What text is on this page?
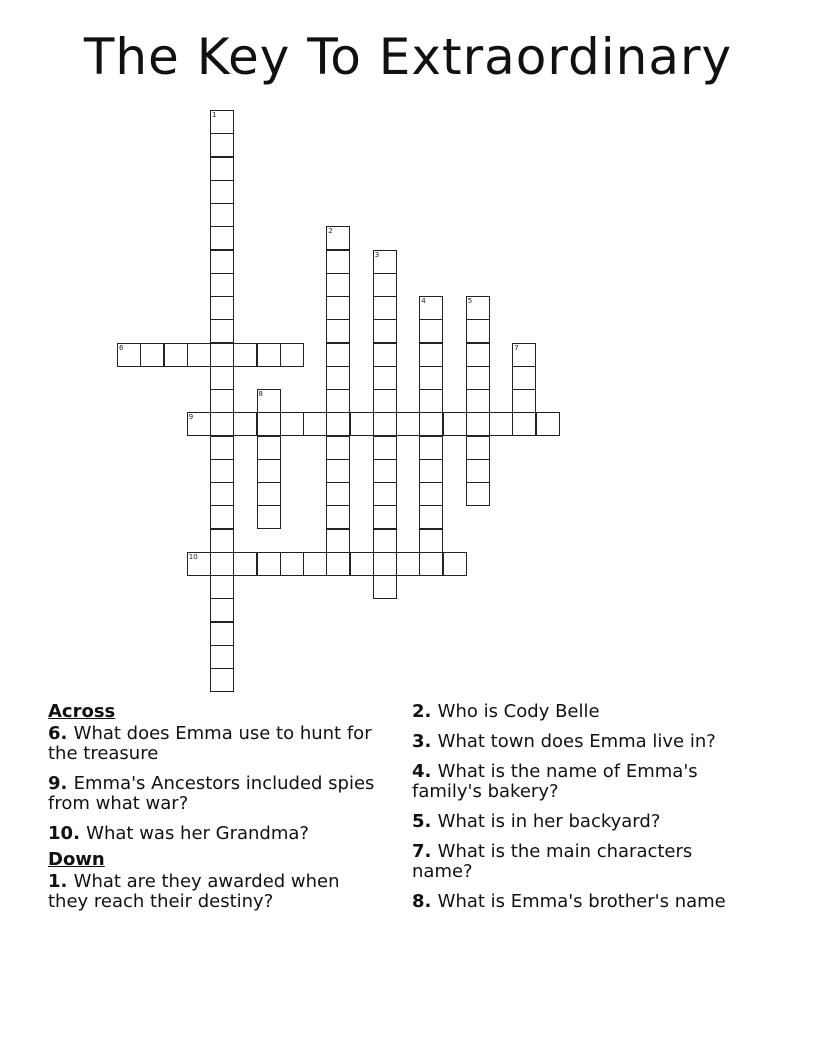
The Key To Extraordinary
1
2
3
4	5
6	7
8
9
10
Across
6. What does Emma use to hunt for the treasure
9. Emma's Ancestors included spies from what war?
10. What was her Grandma?
Down
1. What are they awarded when they reach their destiny?
2. Who is Cody Belle
3. What town does Emma live in?
4. What is the name of Emma's family's bakery?
5. What is in her backyard?
7. What is the main characters name?
8. What is Emma's brother's name
